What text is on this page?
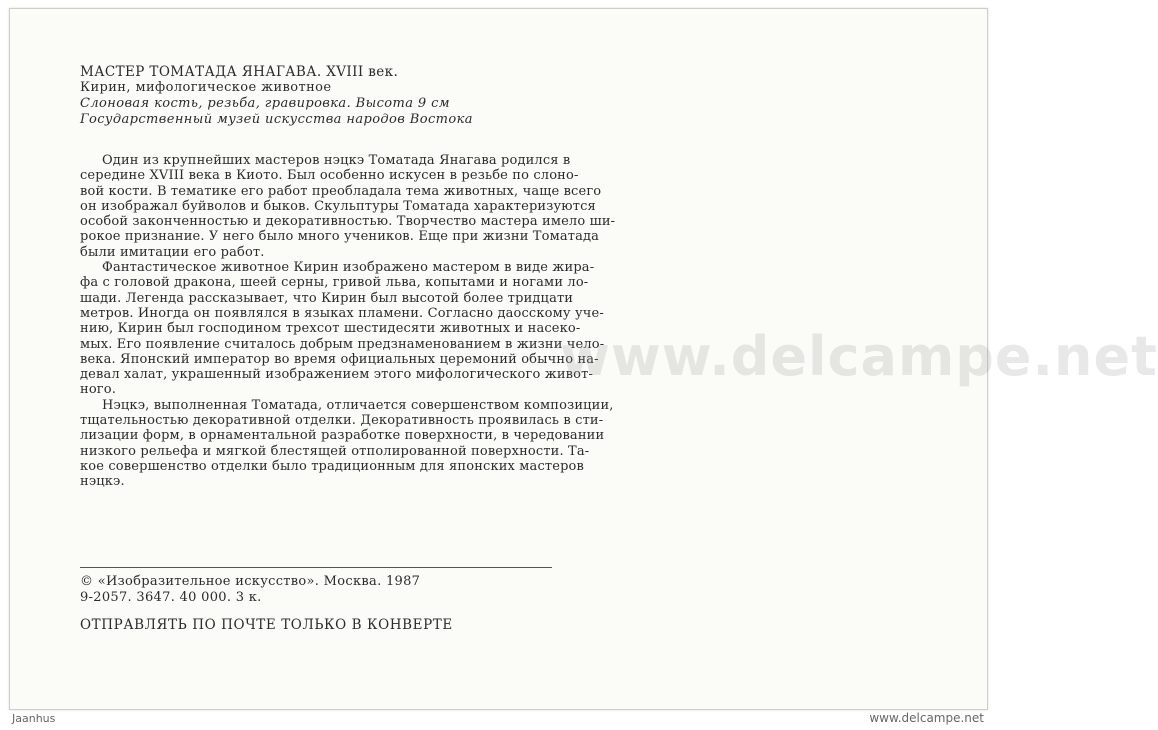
МАСТЕР ТОМАТАДА ЯНАГАВА. XVIII век.
Кирин, мифологическое животное
Слоновая кость, резьба, гравировка. Высота 9 см
Государственный музей искусства народов Востока

Один из крупнейших мастеров нэцкэ Томатада Янагава родился в
середине XVIII века в Киото. Был особенно искусен в резьбе по слоно-
вой кости. В тематике его работ преобладала тема животных, чаще всего
он изображал буйволов и быков. Скульптуры Томатада характеризуются
особой законченностью и декоративностью. Творчество мастера имело ши-
рокое признание. У него было много учеников. Еще при жизни Томатада
были имитации его работ.

Фантастическое животное Кирин изображено мастером в виде жира-
фа с головой дракона, шеей серны, гривой льва, копытами и ногами ло-
шади. Легенда рассказывает, что Кирин был высотой более тридцати
метров. Иногда он появлялся в языках пламени. Согласно даосскому уче-
нию, Кирин был господином трехсот шестидесяти животных и насеко-
мых. Его появление считалось добрым предзнаменованием в жизни чело-
века. Японский император во время официальных церемоний обычно на-
девал халат, украшенный изображением этого мифологического живот-
ного.

Нэцкэ, выполненная Томатада, отличается совершенством композиции,
тщательностью декоративной отделки. Декоративность проявилась в сти-
лизации форм, в орнаментальной разработке поверхности, в чередовании
низкого рельефа и мягкой блестящей отполированной поверхности. Та-
кое совершенство отделки было традиционным для японских мастеров
нэцкэ.

www.delcampe.net
© «Изобразительное искусство». Москва. 1987
9-2057. 3647. 40 000. 3 к.
ОТПРАВЛЯТЬ ПО ПОЧТЕ ТОЛЬКО В КОНВЕРТЕ
Jaanhus	www.delcampe.net
